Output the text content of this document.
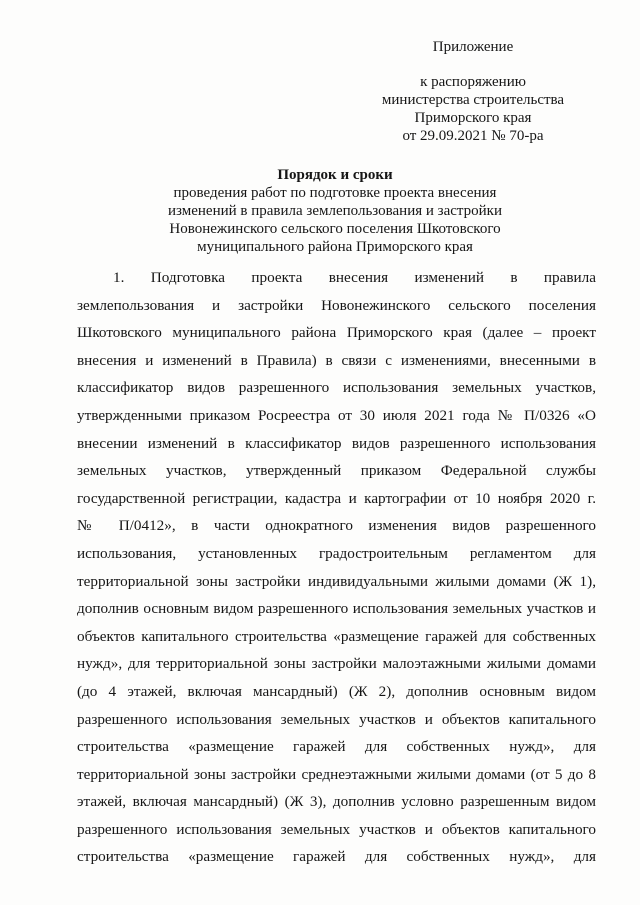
Приложение
к распоряжению
министерства строительства
Приморского края
от 29.09.2021 № 70-ра
Порядок и сроки
проведения работ по подготовке проекта внесения
изменений в правила землепользования и застройки
Новонежинского сельского поселения Шкотовского
муниципального района Приморского края
1. Подготовка проекта внесения изменений в правила
землепользования и застройки Новонежинского сельского поселения
Шкотовского муниципального района Приморского края (далее – проект
внесения и изменений в Правила) в связи с изменениями, внесенными в
классификатор видов разрешенного использования земельных участков,
утвержденными приказом Росреестра от 30 июля 2021 года № П/0326 «О
внесении изменений в классификатор видов разрешенного использования
земельных участков, утвержденный приказом Федеральной службы
государственной регистрации, кадастра и картографии от 10 ноября 2020 г.
№ П/0412», в части однократного изменения видов разрешенного
использования, установленных градостроительным регламентом для
территориальной зоны застройки индивидуальными жилыми домами (Ж 1),
дополнив основным видом разрешенного использования земельных участков и
объектов капитального строительства «размещение гаражей для собственных
нужд», для территориальной зоны застройки малоэтажными жилыми домами
(до 4 этажей, включая мансардный) (Ж 2), дополнив основным видом
разрешенного использования земельных участков и объектов капитального
строительства «размещение гаражей для собственных нужд», для
территориальной зоны застройки среднеэтажными жилыми домами (от 5 до 8
этажей, включая мансардный) (Ж 3), дополнив условно разрешенным видом
разрешенного использования земельных участков и объектов капитального
строительства «размещение гаражей для собственных нужд», для
